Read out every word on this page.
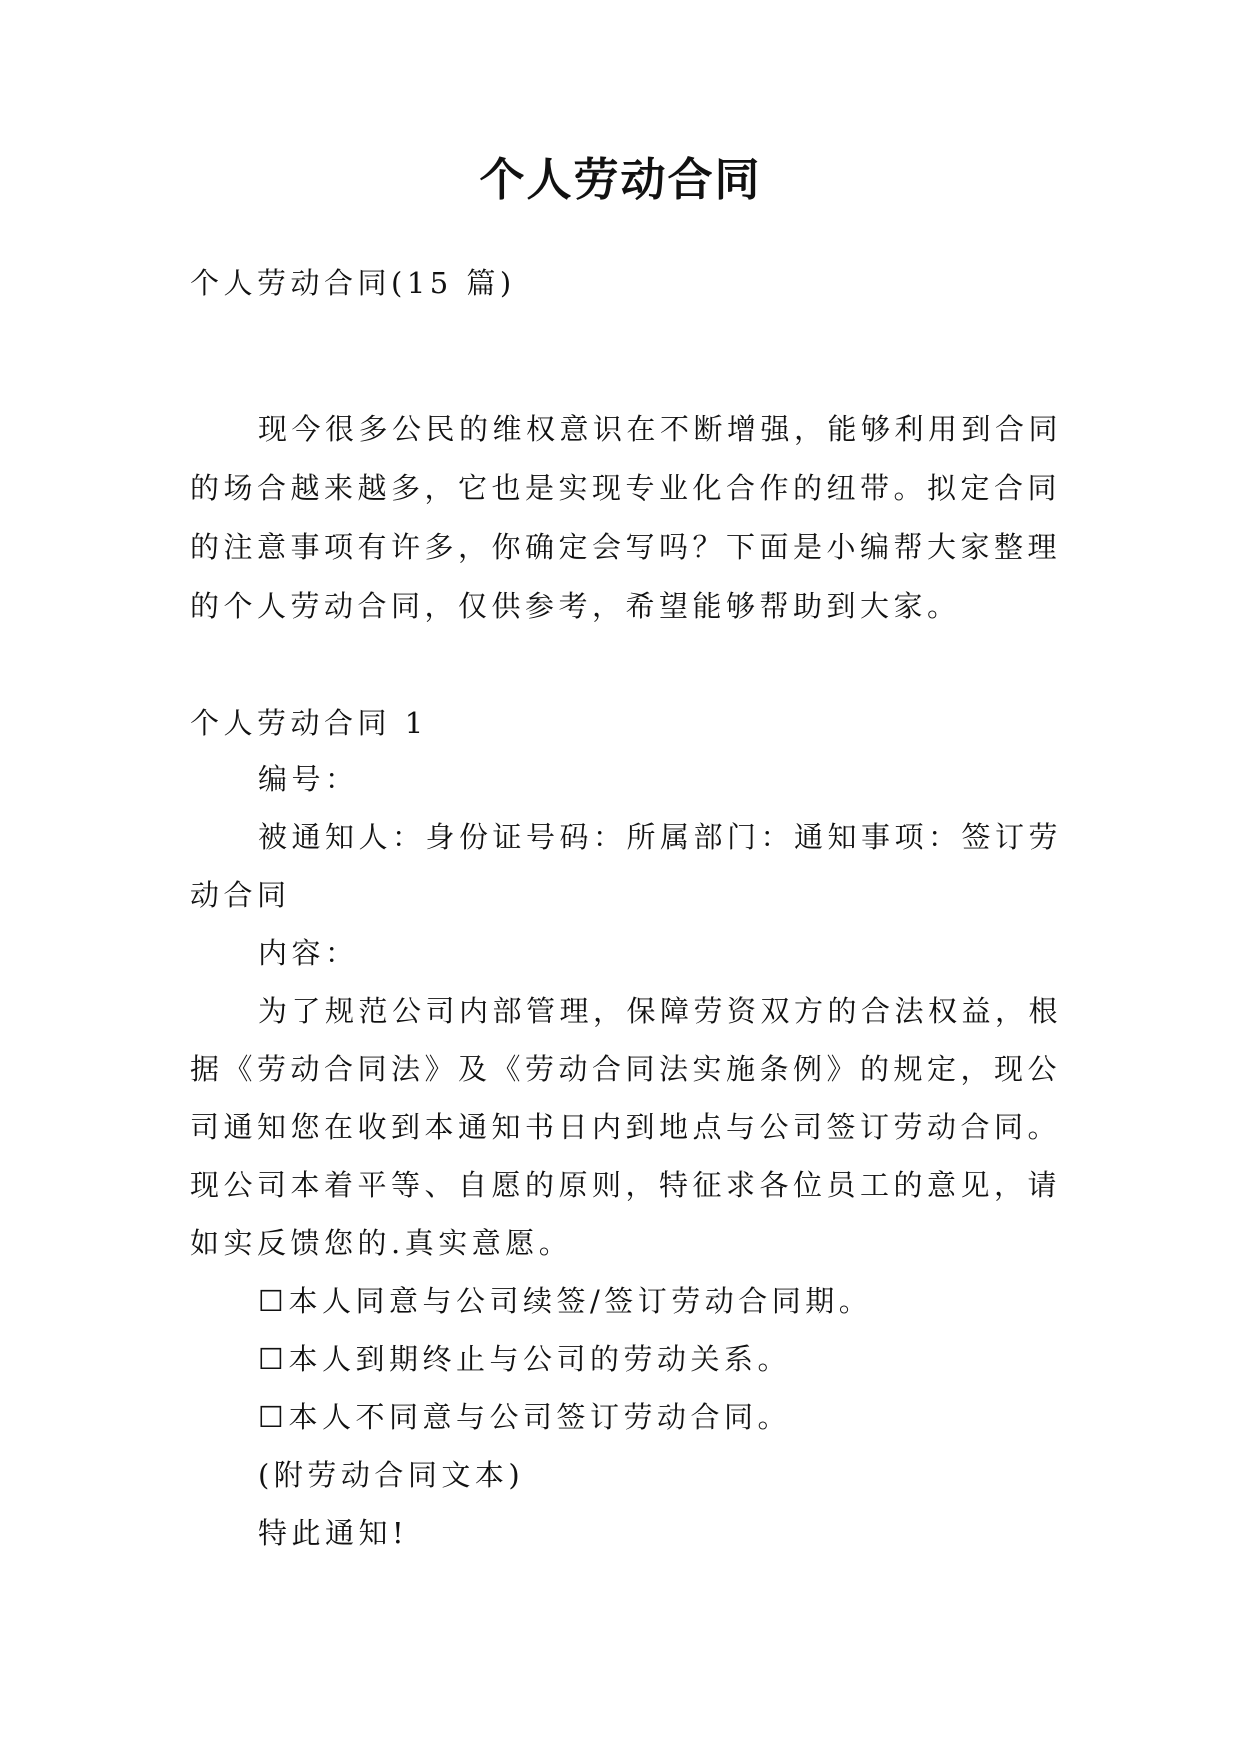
个人劳动合同
个人劳动合同(15 篇)
现今很多公民的维权意识在不断增强，能够利用到合同
的场合越来越多，它也是实现专业化合作的纽带。拟定合同
的注意事项有许多，你确定会写吗？下面是小编帮大家整理
的个人劳动合同，仅供参考，希望能够帮助到大家。
个人劳动合同 1
编号：
被通知人：身份证号码：所属部门：通知事项：签订劳
动合同
内容：
为了规范公司内部管理，保障劳资双方的合法权益，根
据《劳动合同法》及《劳动合同法实施条例》的规定，现公
司通知您在收到本通知书日内到地点与公司签订劳动合同。
现公司本着平等、自愿的原则，特征求各位员工的意见，请
如实反馈您的.真实意愿。
☐本人同意与公司续签/签订劳动合同期。
☐本人到期终止与公司的劳动关系。
☐本人不同意与公司签订劳动合同。
(附劳动合同文本)
特此通知!
